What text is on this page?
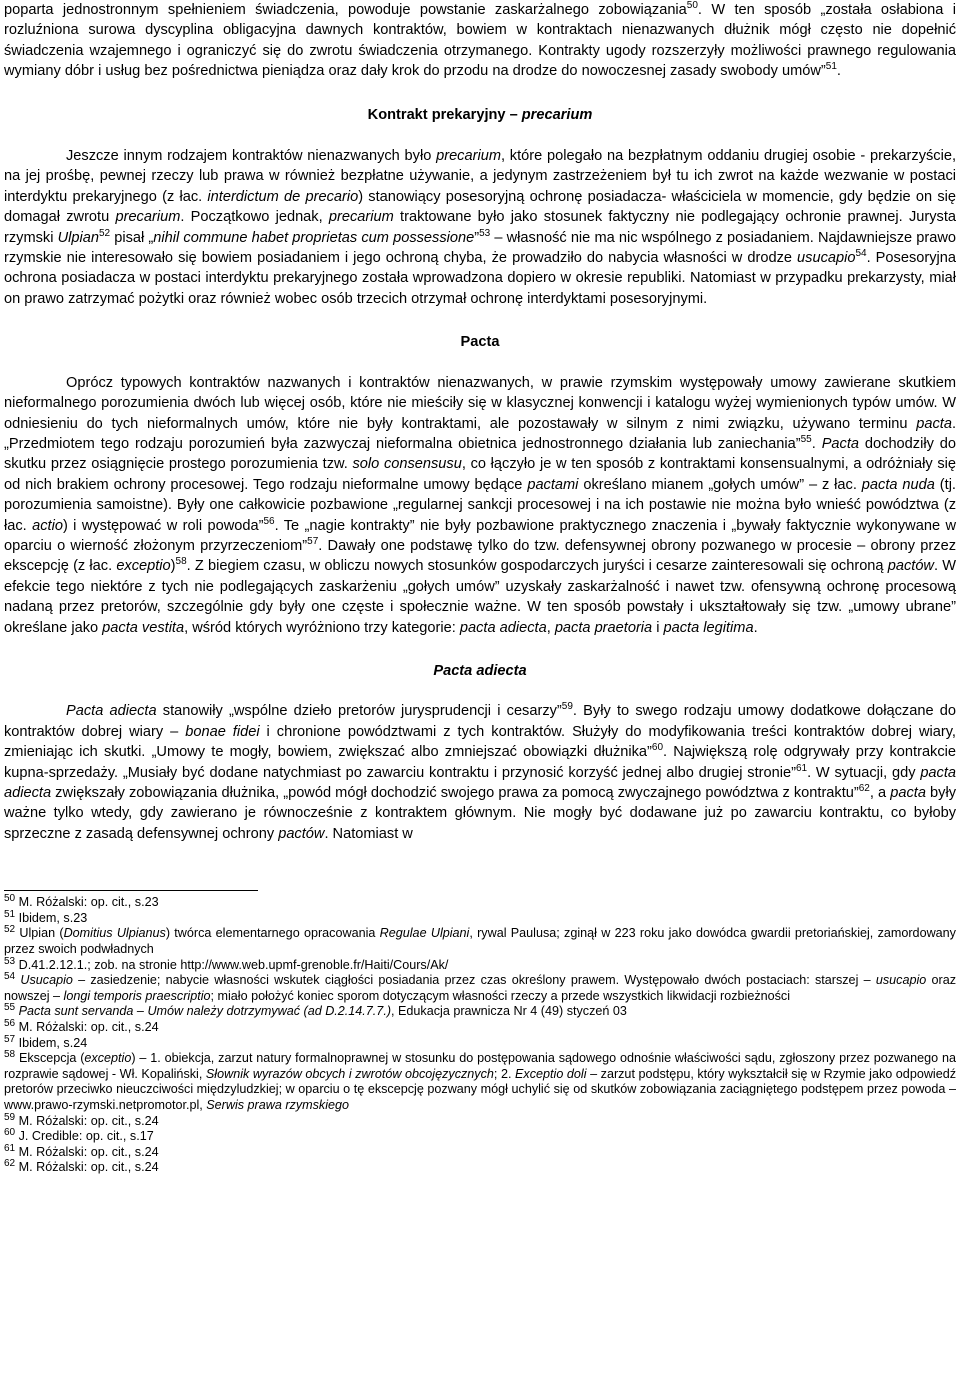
poparta jednostronnym spełnieniem świadczenia, powoduje powstanie zaskarżalnego zobowiązania$^{50}$. W ten sposób „została osłabiona i rozluźniona surowa dyscyplina obligacyjna dawnych kontraktów, bowiem w kontraktach nienazwanych dłużnik mógł często nie dopełnić świadczenia wzajemnego i ograniczyć się do zwrotu świadczenia otrzymanego. Kontrakty ugody rozszerzyły możliwości prawnego regulowania wymiany dóbr i usług bez pośrednictwa pieniądza oraz dały krok do przodu na drodze do nowoczesnej zasady swobody umów”$^{51}$.

Kontrakt prekaryjny – precarium

Jeszcze innym rodzajem kontraktów nienazwanych było precarium, które polegało na bezpłatnym oddaniu drugiej osobie - prekarzyście, na jej prośbę, pewnej rzeczy lub prawa w również bezpłatne używanie, a jedynym zastrzeżeniem był tu ich zwrot na każde wezwanie w postaci interdyktu prekaryjnego (z łac. interdictum de precario) stanowiący posesoryjną ochronę posiadacza- właściciela w momencie, gdy będzie on się domagał zwrotu precarium. Początkowo jednak, precarium traktowane było jako stosunek faktyczny nie podlegający ochronie prawnej. Jurysta rzymski Ulpian$^{52}$ pisał „nihil commune habet proprietas cum possessione”$^{53}$ – własność nie ma nic wspólnego z posiadaniem. Najdawniejsze prawo rzymskie nie interesowało się bowiem posiadaniem i jego ochroną chyba, że prowadziło do nabycia własności w drodze usucapio$^{54}$. Posesoryjna ochrona posiadacza w postaci interdyktu prekaryjnego została wprowadzona dopiero w okresie republiki. Natomiast w przypadku prekarzysty, miał on prawo zatrzymać pożytki oraz również wobec osób trzecich otrzymał ochronę interdyktami posesoryjnymi.

Pacta

Oprócz typowych kontraktów nazwanych i kontraktów nienazwanych, w prawie rzymskim występowały umowy zawierane skutkiem nieformalnego porozumienia dwóch lub więcej osób, które nie mieściły się w klasycznej konwencji i katalogu wyżej wymienionych typów umów. W odniesieniu do tych nieformalnych umów, które nie były kontraktami, ale pozostawały w silnym z nimi związku, używano terminu pacta. „Przedmiotem tego rodzaju porozumień była zazwyczaj nieformalna obietnica jednostronnego działania lub zaniechania”$^{55}$. Pacta dochodziły do skutku przez osiągnięcie prostego porozumienia tzw. solo consensusu, co łączyło je w ten sposób z kontraktami konsensualnymi, a odróżniały się od nich brakiem ochrony procesowej. Tego rodzaju nieformalne umowy będące pactami określano mianem „gołych umów” – z łac. pacta nuda (tj. porozumienia samoistne). Były one całkowicie pozbawione „regularnej sankcji procesowej i na ich postawie nie można było wnieść powództwa (z łac. actio) i występować w roli powoda”$^{56}$. Te „nagie kontrakty” nie były pozbawione praktycznego znaczenia i „bywały faktycznie wykonywane w oparciu o wierność złożonym przyrzeczeniom”$^{57}$. Dawały one podstawę tylko do tzw. defensywnej obrony pozwanego w procesie – obrony przez ekscepcję (z łac. exceptio)$^{58}$. Z biegiem czasu, w obliczu nowych stosunków gospodarczych juryści i cesarze zainteresowali się ochroną pactów. W efekcie tego niektóre z tych nie podlegających zaskarżeniu „gołych umów” uzyskały zaskarżalność i nawet tzw. ofensywną ochronę procesową nadaną przez pretorów, szczególnie gdy były one częste i społecznie ważne. W ten sposób powstały i ukształtowały się tzw. „umowy ubrane” określane jako pacta vestita, wśród których wyróżniono trzy kategorie: pacta adiecta, pacta praetoria i pacta legitima.

Pacta adiecta

Pacta adiecta stanowiły „wspólne dzieło pretorów jurysprudencji i cesarzy”$^{59}$. Były to swego rodzaju umowy dodatkowe dołączane do kontraktów dobrej wiary – bonae fidei i chronione powództwami z tych kontraktów. Służyły do modyfikowania treści kontraktów dobrej wiary, zmieniając ich skutki. „Umowy te mogły, bowiem, zwiększać albo zmniejszać obowiązki dłużnika”$^{60}$. Największą rolę odgrywały przy kontrakcie kupna-sprzedaży. „Musiały być dodane natychmiast po zawarciu kontraktu i przynosić korzyść jednej albo drugiej stronie”$^{61}$. W sytuacji, gdy pacta adiecta zwiększały zobowiązania dłużnika, „powód mógł dochodzić swojego prawa za pomocą zwyczajnego powództwa z kontraktu”$^{62}$, a pacta były ważne tylko wtedy, gdy zawierano je równocześnie z kontraktem głównym. Nie mogły być dodawane już po zawarciu kontraktu, co byłoby sprzeczne z zasadą defensywnej ochrony pactów. Natomiast w

$^{50}$ M. Różalski: op. cit., s.23

$^{51}$ Ibidem, s.23

$^{52}$ Ulpian (Domitius Ulpianus) twórca elementarnego opracowania Regulae Ulpiani, rywal Paulusa; zginął w 223 roku jako dowódca gwardii pretoriańskiej, zamordowany przez swoich podwładnych

$^{53}$ D.41.2.12.1.; zob. na stronie http://www.web.upmf-grenoble.fr/Haiti/Cours/Ak/

$^{54}$ Usucapio – zasiedzenie; nabycie własności wskutek ciągłości posiadania przez czas określony prawem. Występowało dwóch postaciach: starszej – usucapio oraz nowszej – longi temporis praescriptio; miało położyć koniec sporom dotyczącym własności rzeczy a przede wszystkich likwidacji rozbieżności

$^{55}$ Pacta sunt servanda – Umów należy dotrzymywać (ad D.2.14.7.7.), Edukacja prawnicza Nr 4 (49) styczeń 03

$^{56}$ M. Różalski: op. cit., s.24

$^{57}$ Ibidem, s.24

$^{58}$ Ekscepcja (exceptio) – 1. obiekcja, zarzut natury formalnoprawnej w stosunku do postępowania sądowego odnośnie właściwości sądu, zgłoszony przez pozwanego na rozprawie sądowej - Wł. Kopaliński, Słownik wyrazów obcych i zwrotów obcojęzycznych; 2. Exceptio doli – zarzut podstępu, który wykształcił się w Rzymie jako odpowiedź pretorów przeciwko nieuczciwości międzyludzkiej; w oparciu o tę ekscepcję pozwany mógł uchylić się od skutków zobowiązania zaciągniętego podstępem przez powoda – www.prawo-rzymski.netpromotor.pl, Serwis prawa rzymskiego

$^{59}$ M. Różalski: op. cit., s.24

$^{60}$ J. Credible: op. cit., s.17

$^{61}$ M. Różalski: op. cit., s.24

$^{62}$ M. Różalski: op. cit., s.24
